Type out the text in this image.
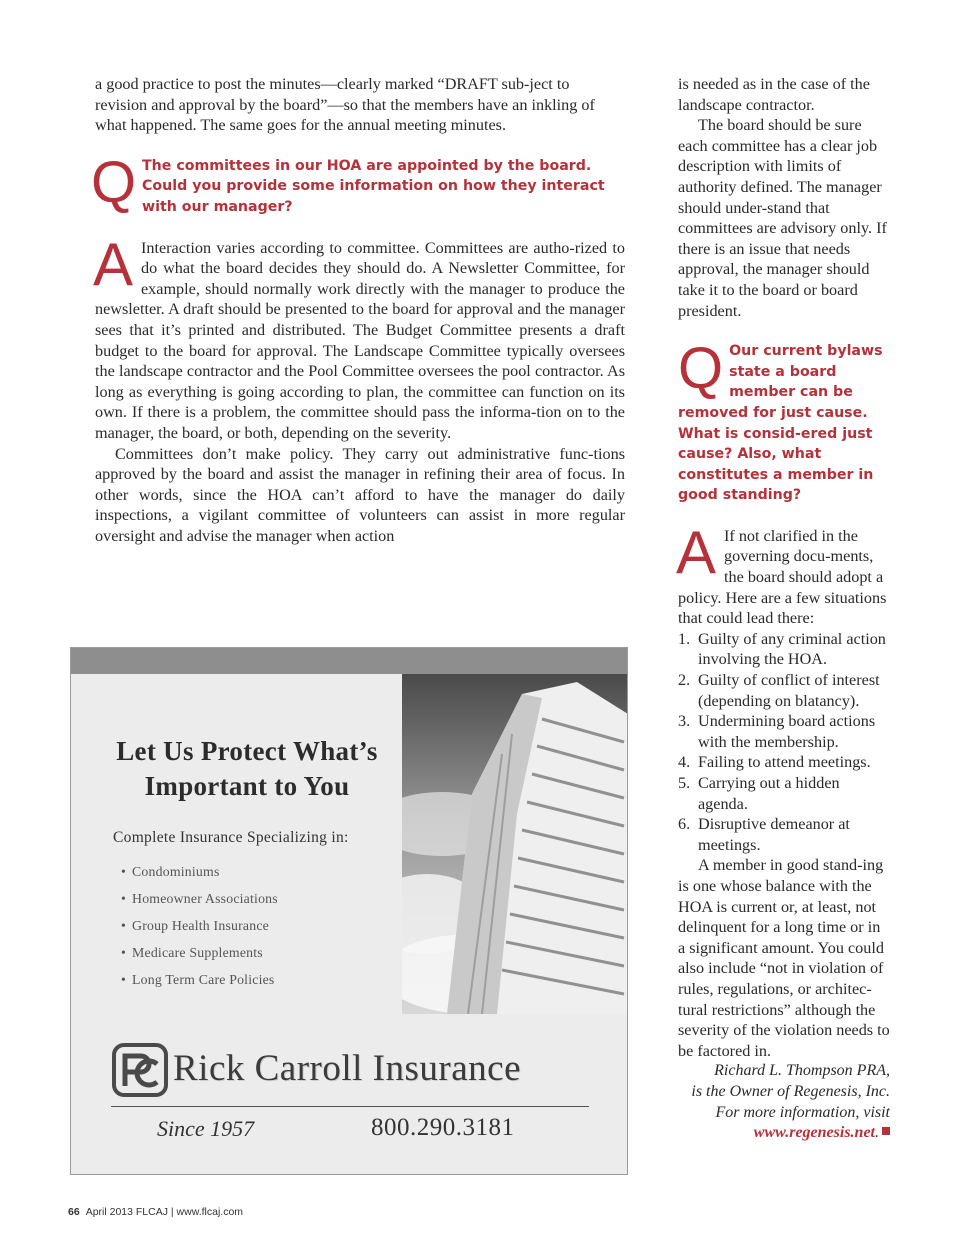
a good practice to post the minutes—clearly marked “DRAFT sub-ject to revision and approval by the board”—so that the members have an inkling of what happened. The same goes for the annual meeting minutes.

Q The committees in our HOA are appointed by the board. Could you provide some information on how they interact with our manager?
A Interaction varies according to committee. Committees are autho-rized to do what the board decides they should do. A Newsletter Committee, for example, should normally work directly with the manager to produce the newsletter. A draft should be presented to the board for approval and the manager sees that it’s printed and distributed. The Budget Committee presents a draft budget to the board for approval. The Landscape Committee typically oversees the landscape contractor and the Pool Committee oversees the pool contractor. As long as everything is going according to plan, the committee can function on its own. If there is a problem, the committee should pass the informa-tion on to the manager, the board, or both, depending on the severity.

Committees don’t make policy. They carry out administrative func-tions approved by the board and assist the manager in refining their area of focus. In other words, since the HOA can’t afford to have the manager do daily inspections, a vigilant committee of volunteers can assist in more regular oversight and advise the manager when action

Let Us Protect What’s
Important to You

Complete Insurance Specializing in:

• Condominiums
• Homeowner Associations
• Group Health Insurance
• Medicare Supplements
• Long Term Care Policies

Rick Carroll Insurance

Since 1957	800.290.3181

is needed as in the case of the landscape contractor.

The board should be sure each committee has a clear job description with limits of authority defined. The manager should under-stand that committees are advisory only. If there is an issue that needs approval, the manager should take it to the board or board president.

Q Our current bylaws state a board member can be removed for just cause. What is consid-ered just cause? Also, what constitutes a member in good standing?
A If not clarified in the governing docu-ments, the board should adopt a policy. Here are a few situations that could lead there:

1. Guilty of any criminal action involving the HOA.
2. Guilty of conflict of interest (depending on blatancy).
3. Undermining board actions with the membership.
4. Failing to attend meetings.
5. Carrying out a hidden agenda.
6. Disruptive demeanor at meetings.

A member in good stand-ing is one whose balance with the HOA is current or, at least, not delinquent for a long time or in a significant amount. You could also include “not in violation of rules, regulations, or architec-tural restrictions” although the severity of the violation needs to be factored in.

Richard L. Thompson PRA,
is the Owner of Regenesis, Inc.
For more information, visit
www.regenesis.net.

66 April 2013 FLCAJ | www.flcaj.com
